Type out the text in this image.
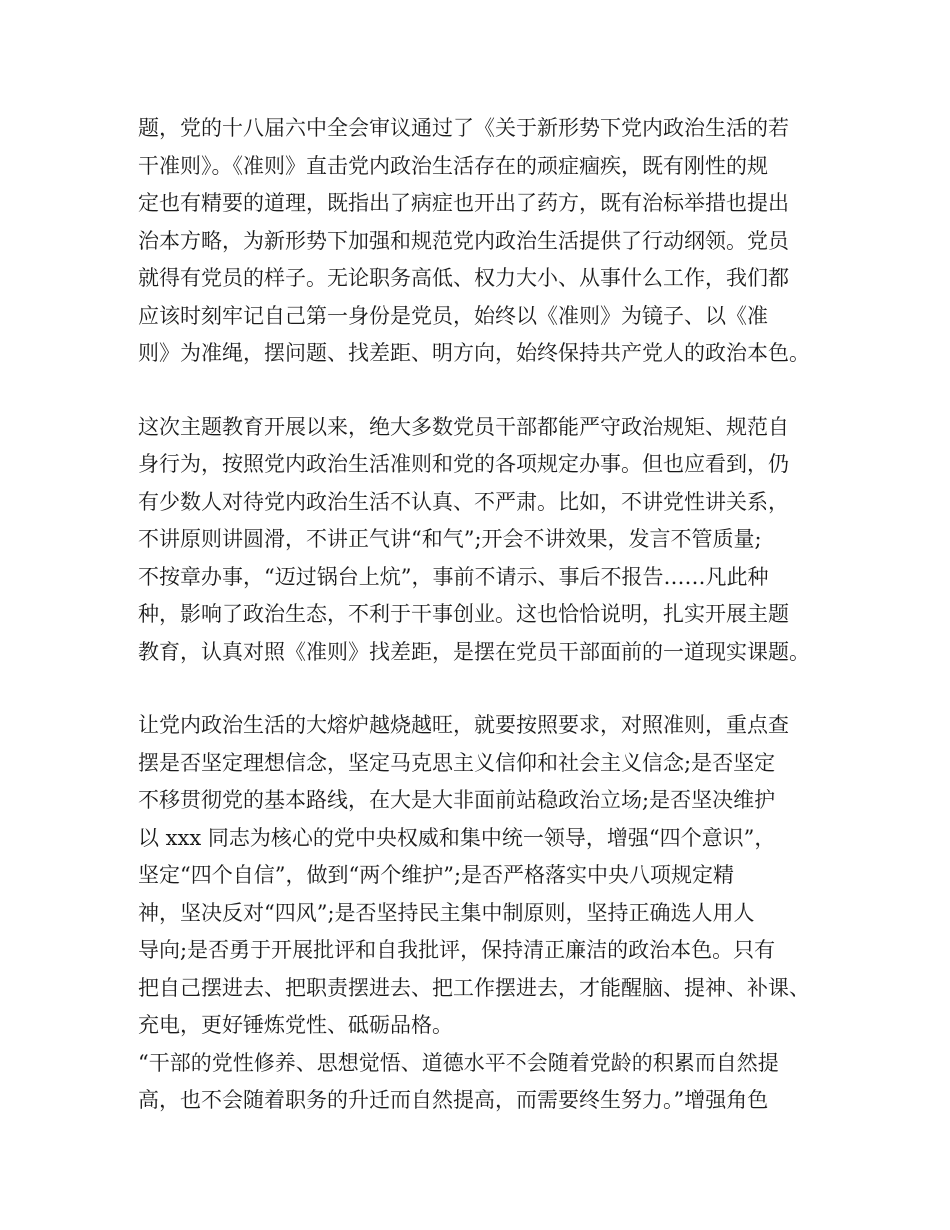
题，党的十八届六中全会审议通过了《关于新形势下党内政治生活的若
干准则》。《准则》直击党内政治生活存在的顽症痼疾，既有刚性的规
定也有精要的道理，既指出了病症也开出了药方，既有治标举措也提出
治本方略，为新形势下加强和规范党内政治生活提供了行动纲领。党员
就得有党员的样子。无论职务高低、权力大小、从事什么工作，我们都
应该时刻牢记自己第一身份是党员，始终以《准则》为镜子、以《准
则》为准绳，摆问题、找差距、明方向，始终保持共产党人的政治本色。
这次主题教育开展以来，绝大多数党员干部都能严守政治规矩、规范自
身行为，按照党内政治生活准则和党的各项规定办事。但也应看到，仍
有少数人对待党内政治生活不认真、不严肃。比如，不讲党性讲关系，
不讲原则讲圆滑，不讲正气讲“和气”;开会不讲效果，发言不管质量;
不按章办事，“迈过锅台上炕”，事前不请示、事后不报告……凡此种
种，影响了政治生态，不利于干事创业。这也恰恰说明，扎实开展主题
教育，认真对照《准则》找差距，是摆在党员干部面前的一道现实课题。
让党内政治生活的大熔炉越烧越旺，就要按照要求，对照准则，重点查
摆是否坚定理想信念，坚定马克思主义信仰和社会主义信念;是否坚定
不移贯彻党的基本路线，在大是大非面前站稳政治立场;是否坚决维护
以 xxx 同志为核心的党中央权威和集中统一领导，增强“四个意识”，
坚定“四个自信”，做到“两个维护”;是否严格落实中央八项规定精
神，坚决反对“四风”;是否坚持民主集中制原则，坚持正确选人用人
导向;是否勇于开展批评和自我批评，保持清正廉洁的政治本色。只有
把自己摆进去、把职责摆进去、把工作摆进去，才能醒脑、提神、补课、
充电，更好锤炼党性、砥砺品格。
“干部的党性修养、思想觉悟、道德水平不会随着党龄的积累而自然提
高，也不会随着职务的升迁而自然提高，而需要终生努力。”增强角色
